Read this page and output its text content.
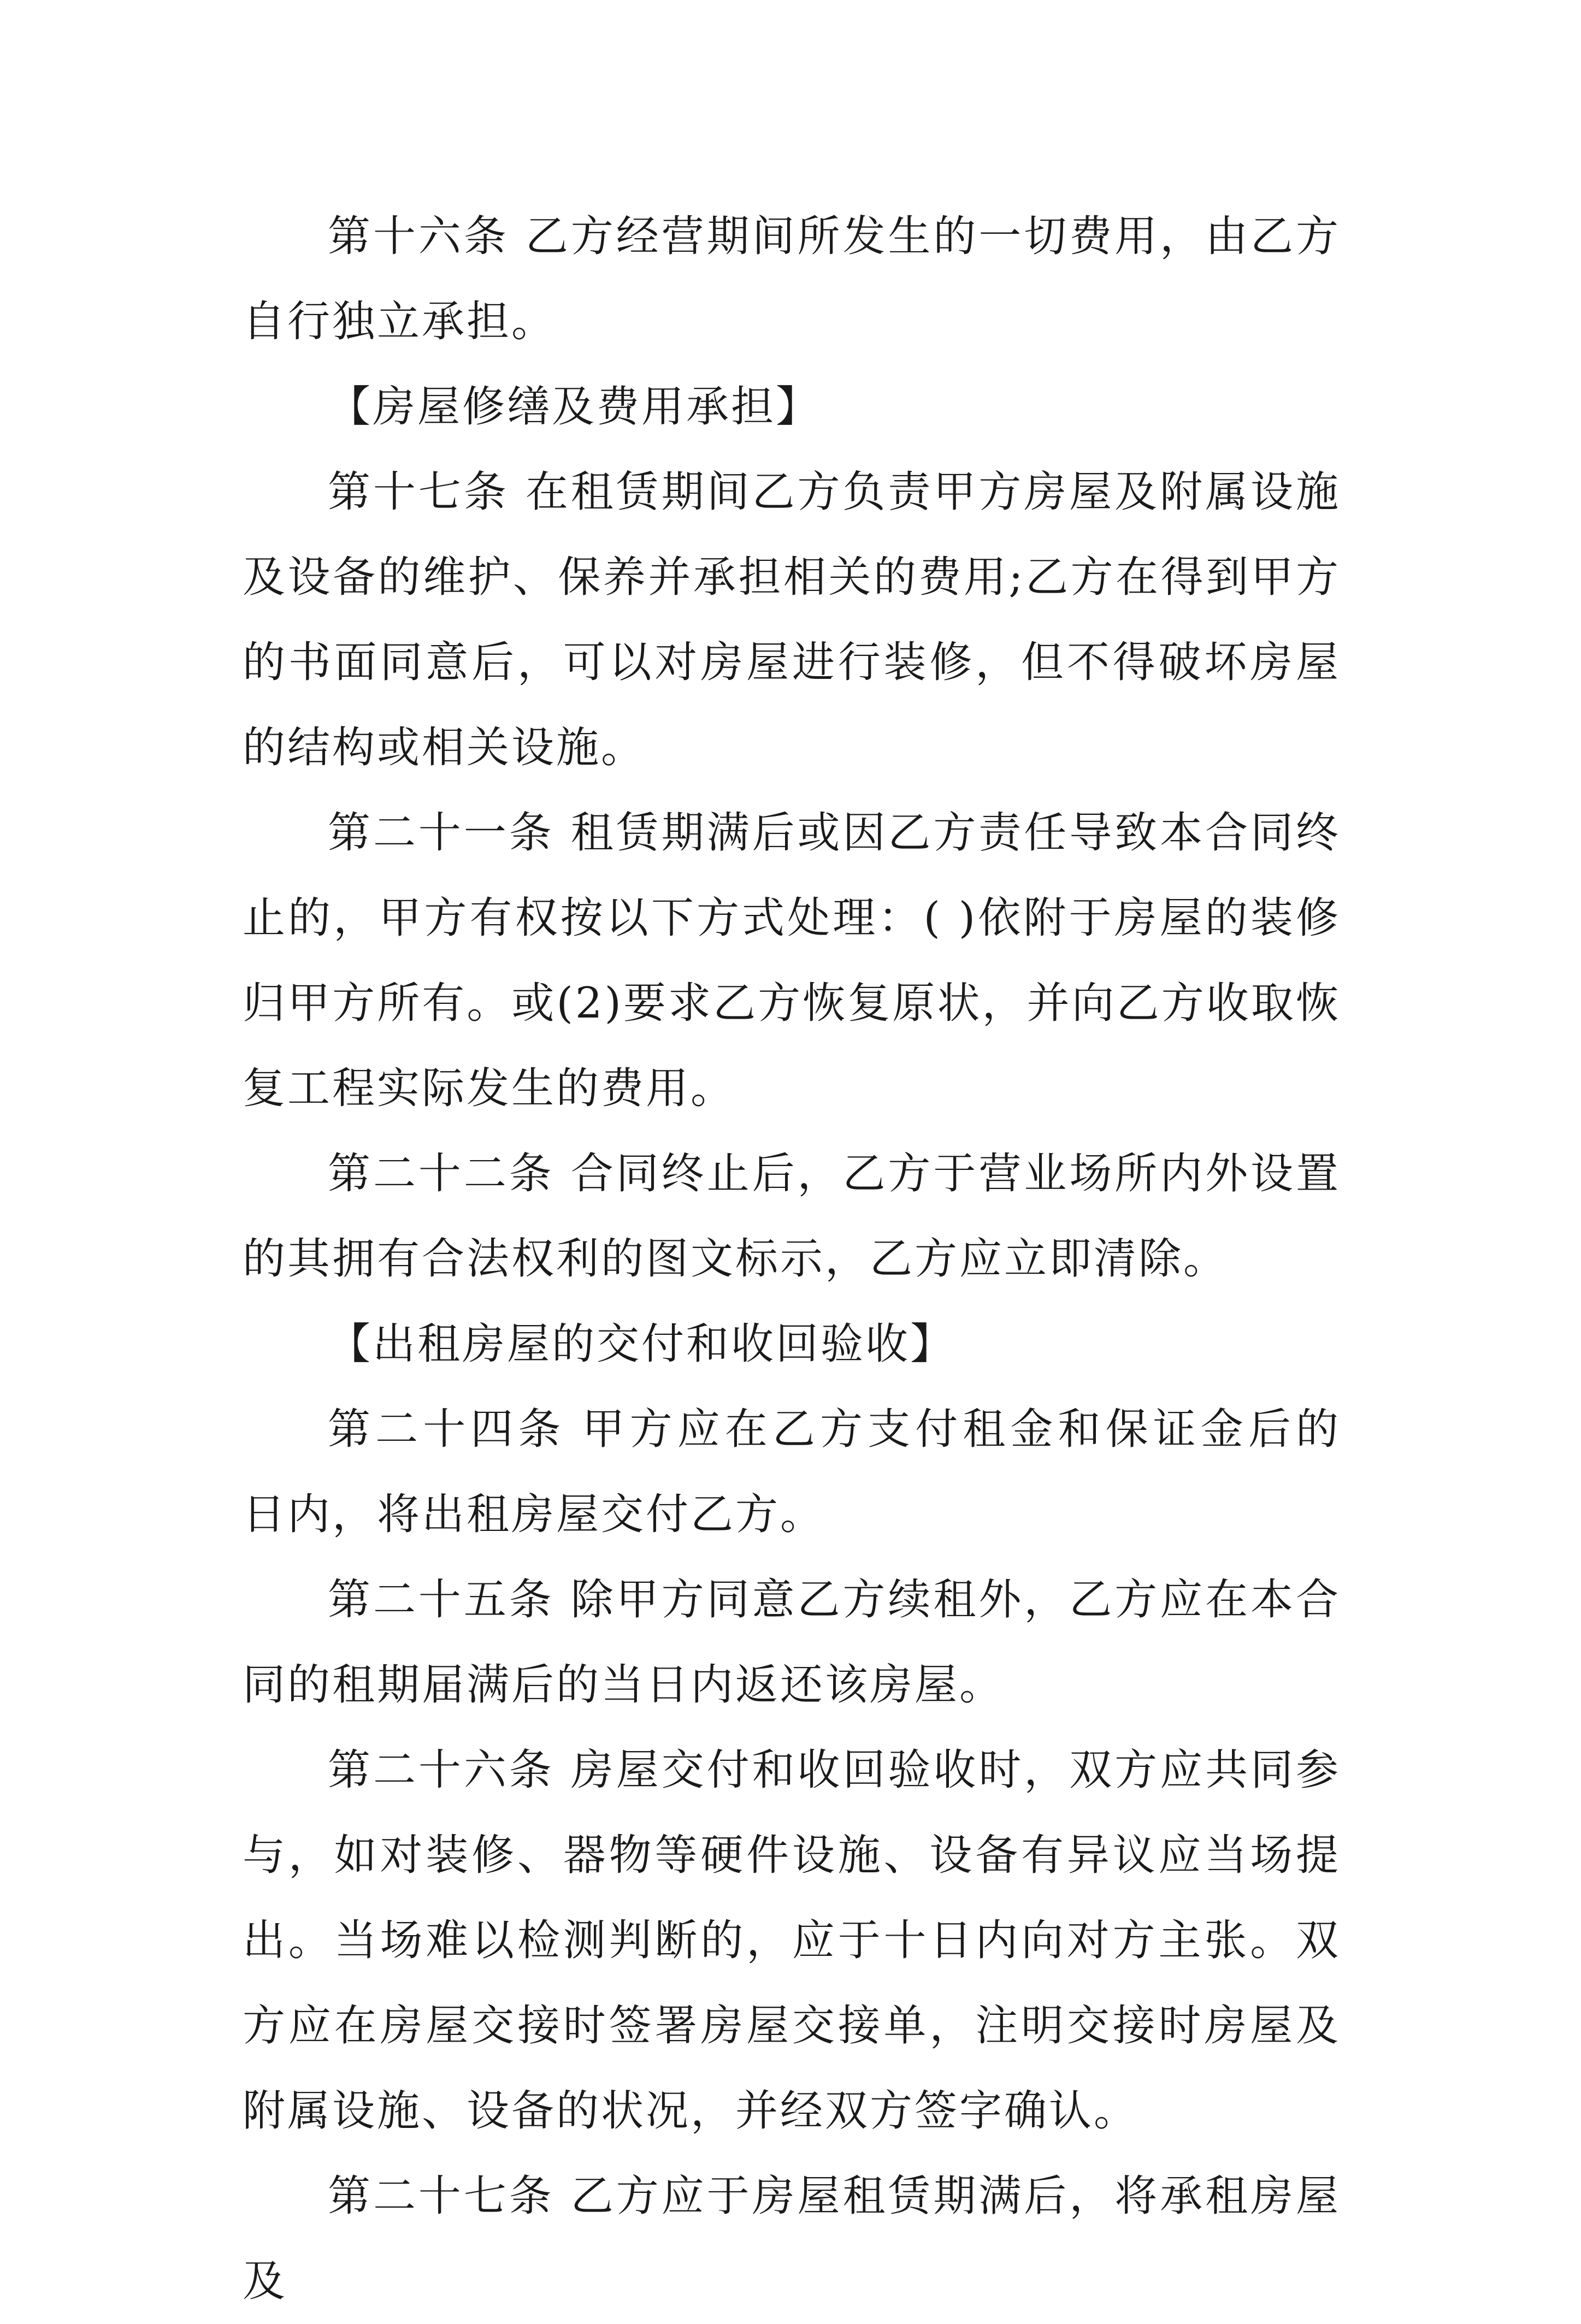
第十六条 乙方经营期间所发生的一切费用，由乙方自行独立承担。

【房屋修缮及费用承担】

第十七条 在租赁期间乙方负责甲方房屋及附属设施及设备的维护、保养并承担相关的费用;乙方在得到甲方的书面同意后，可以对房屋进行装修，但不得破坏房屋的结构或相关设施。

第二十一条 租赁期满后或因乙方责任导致本合同终止的，甲方有权按以下方式处理：( )依附于房屋的装修归甲方所有。或(2)要求乙方恢复原状，并向乙方收取恢复工程实际发生的费用。

第二十二条 合同终止后，乙方于营业场所内外设置的其拥有合法权利的图文标示，乙方应立即清除。

【出租房屋的交付和收回验收】

第二十四条 甲方应在乙方支付租金和保证金后的 日内，将出租房屋交付乙方。

第二十五条 除甲方同意乙方续租外，乙方应在本合同的租期届满后的当日内返还该房屋。

第二十六条 房屋交付和收回验收时，双方应共同参与，如对装修、器物等硬件设施、设备有异议应当场提出。当场难以检测判断的，应于十日内向对方主张。双方应在房屋交接时签署房屋交接单，注明交接时房屋及附属设施、设备的状况，并经双方签字确认。

第二十七条 乙方应于房屋租赁期满后，将承租房屋及
